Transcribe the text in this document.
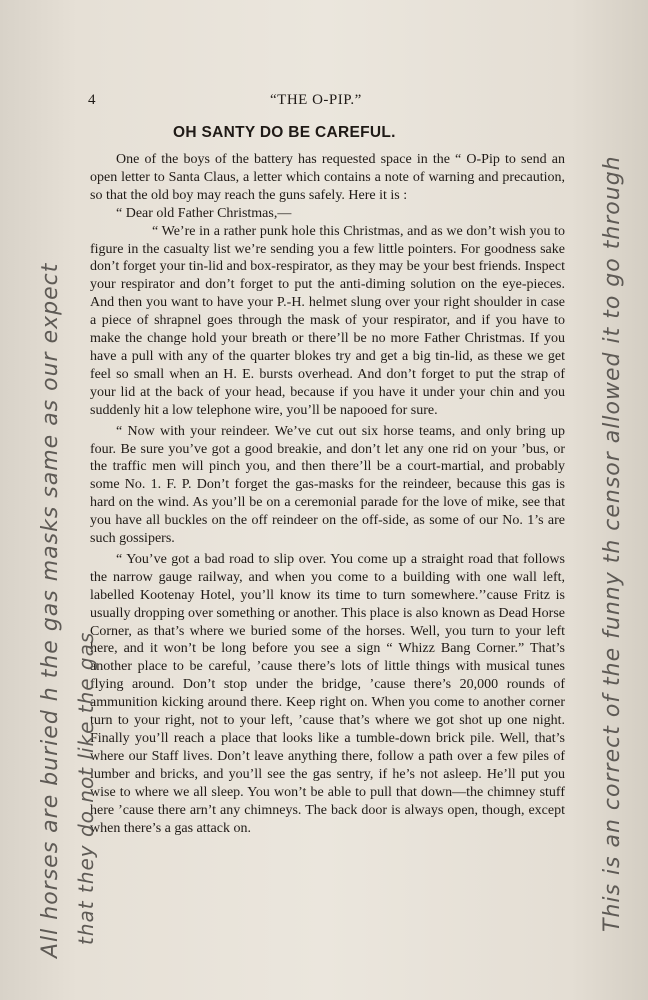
4	“THE O-PIP.”
OH SANTY DO BE CAREFUL.

One of the boys of the battery has requested space in the “ O-Pip to send an open letter to Santa Claus, a letter which contains a note of warning and precaution, so that the old boy may reach the guns safely. Here it is :

“ Dear old Father Christmas,—

“ We’re in a rather punk hole this Christmas, and as we don’t wish you to figure in the casualty list we’re sending you a few little pointers. For goodness sake don’t forget your tin-lid and box-respirator, as they may be your best friends. Inspect your respirator and don’t forget to put the anti-diming solution on the eye-pieces. And then you want to have your P.-H. helmet slung over your right shoulder in case a piece of shrapnel goes through the mask of your respirator, and if you have to make the change hold your breath or there’ll be no more Father Christmas. If you have a pull with any of the quarter blokes try and get a big tin-lid, as these we get feel so small when an H. E. bursts overhead. And don’t forget to put the strap of your lid at the back of your head, because if you have it under your chin and you suddenly hit a low telephone wire, you’ll be napooed for sure.

“ Now with your reindeer. We’ve cut out six horse teams, and only bring up four. Be sure you’ve got a good breakie, and don’t let any one rid on your ’bus, or the traffic men will pinch you, and then there’ll be a court-martial, and probably some No. 1. F. P. Don’t forget the gas-masks for the reindeer, because this gas is hard on the wind. As you’ll be on a ceremonial parade for the love of mike, see that you have all buckles on the off reindeer on the off-side, as some of our No. 1’s are such gossipers.

“ You’ve got a bad road to slip over. You come up a straight road that follows the narrow gauge railway, and when you come to a building with one wall left, labelled Kootenay Hotel, you’ll know its time to turn somewhere.’’cause Fritz is usually dropping over something or another. This place is also known as Dead Horse Corner, as that’s where we buried some of the horses. Well, you turn to your left here, and it won’t be long before you see a sign “ Whizz Bang Corner.” That’s another place to be careful, ’cause there’s lots of little things with musical tunes flying around. Don’t stop under the bridge, ’cause there’s 20,000 rounds of ammunition kicking around there. Keep right on. When you come to another corner turn to your right, not to your left, ’cause that’s where we got shot up one night. Finally you’ll reach a place that looks like a tumble-down brick pile. Well, that’s where our Staff lives. Don’t leave anything there, follow a path over a few piles of lumber and bricks, and you’ll see the gas sentry, if he’s not asleep. He’ll put you wise to where we all sleep. You won’t be able to pull that down—the chimney stuff here ’cause there arn’t any chimneys. The back door is always open, though, except when there’s a gas attack on.

All horses are buried h the gas masks same as our expect that they do not like the gas	This is an correct of the funny th censor allowed it to go through
